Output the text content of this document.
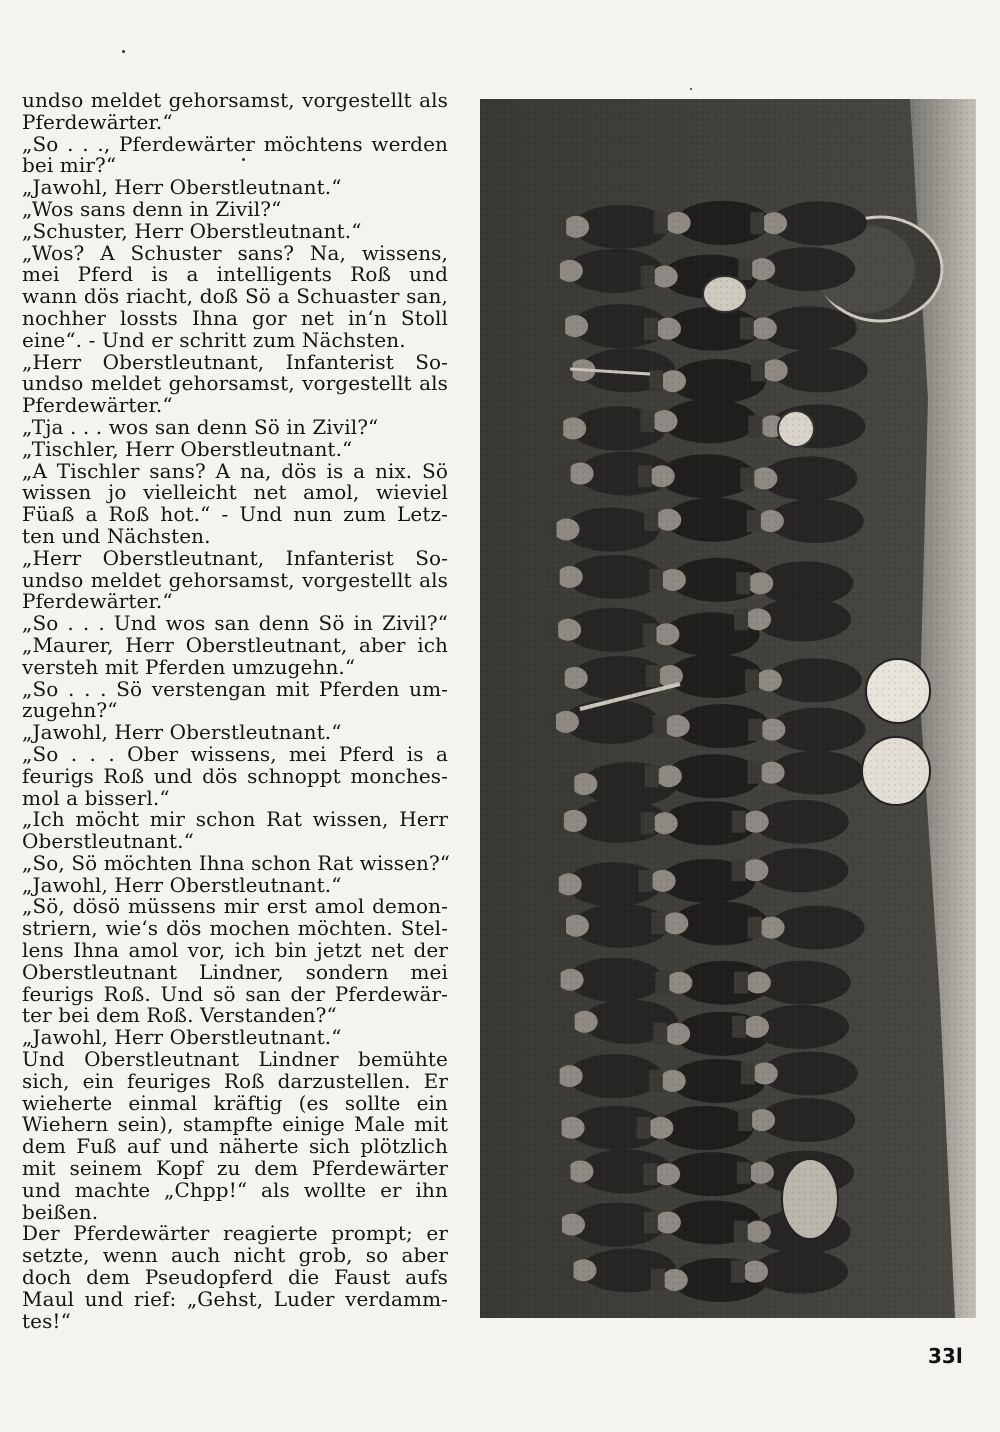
undso meldet gehorsamst, vorgestellt als
Pferdewärter.“
„So . . ., Pferdewärter möchtens werden
bei mir?“
„Jawohl, Herr Oberstleutnant.“
„Wos sans denn in Zivil?“
„Schuster, Herr Oberstleutnant.“
„Wos? A Schuster sans? Na, wissens,
mei Pferd is a intelligents Roß und
wann dös riacht, doß Sö a Schuaster san,
nochher lossts Ihna gor net in‘n Stoll
eine“. - Und er schritt zum Nächsten.
„Herr Oberstleutnant, Infanterist So-
undso meldet gehorsamst, vorgestellt als
Pferdewärter.“
„Tja . . . wos san denn Sö in Zivil?“
„Tischler, Herr Oberstleutnant.“
„A Tischler sans? A na, dös is a nix. Sö
wissen jo vielleicht net amol, wieviel
Füaß a Roß hot.“ - Und nun zum Letz-
ten und Nächsten.
„Herr Oberstleutnant, Infanterist So-
undso meldet gehorsamst, vorgestellt als
Pferdewärter.“
„So . . . Und wos san denn Sö in Zivil?“
„Maurer, Herr Oberstleutnant, aber ich
versteh mit Pferden umzugehn.“
„So . . . Sö verstengan mit Pferden um-
zugehn?“
„Jawohl, Herr Oberstleutnant.“
„So . . . Ober wissens, mei Pferd is a
feurigs Roß und dös schnoppt monches-
mol a bisserl.“
„Ich möcht mir schon Rat wissen, Herr
Oberstleutnant.“
„So, Sö möchten Ihna schon Rat wissen?“
„Jawohl, Herr Oberstleutnant.“
„Sö, dösö müssens mir erst amol demon-
striern, wie‘s dös mochen möchten. Stel-
lens Ihna amol vor, ich bin jetzt net der
Oberstleutnant Lindner, sondern mei
feurigs Roß. Und sö san der Pferdewär-
ter bei dem Roß. Verstanden?“
„Jawohl, Herr Oberstleutnant.“
Und Oberstleutnant Lindner bemühte
sich, ein feuriges Roß darzustellen. Er
wieherte einmal kräftig (es sollte ein
Wiehern sein), stampfte einige Male mit
dem Fuß auf und näherte sich plötzlich
mit seinem Kopf zu dem Pferdewärter
und machte „Chpp!“ als wollte er ihn
beißen.
Der Pferdewärter reagierte prompt; er
setzte, wenn auch nicht grob, so aber
doch dem Pseudopferd die Faust aufs
Maul und rief: „Gehst, Luder verdamm-
tes!“
33l
